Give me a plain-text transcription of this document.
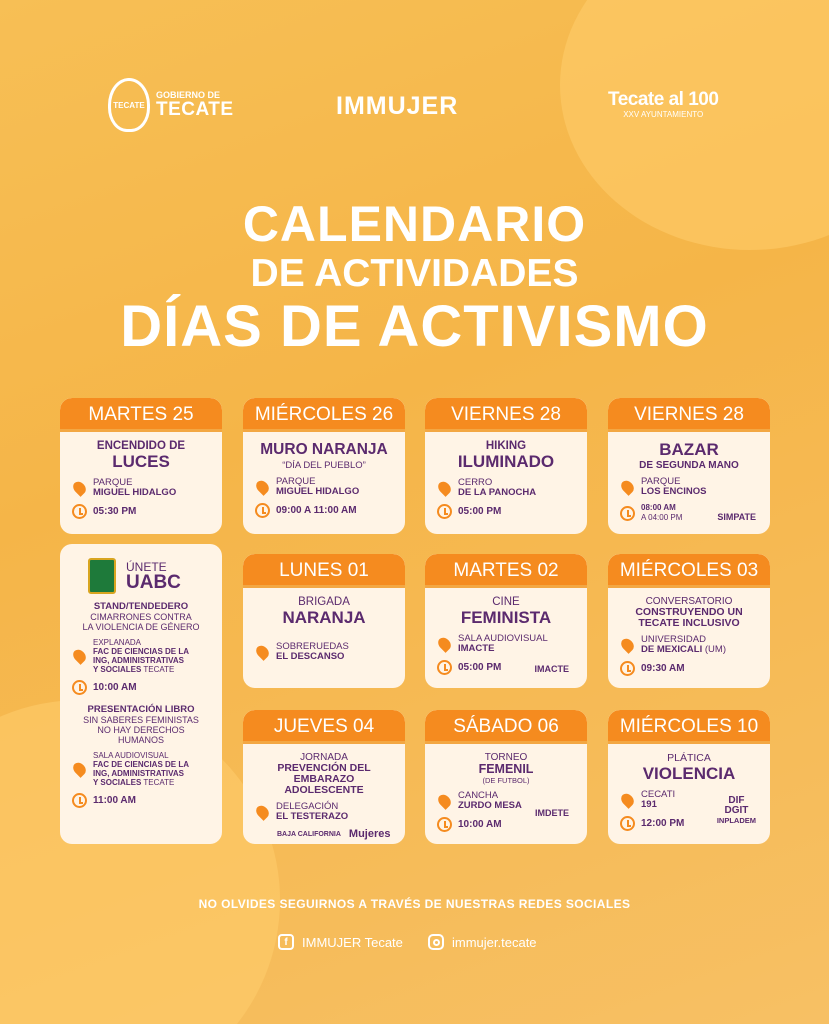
TECATE
GOBIERNO DE
TECATE	IMMUJER	Tecate al 100
XXV AYUNTAMIENTO
CALENDARIO
DE ACTIVIDADES
DÍAS DE ACTIVISMO
MARTES 25
ENCENDIDO DE
LUCES
PARQUE
MIGUEL HIDALGO
05:30 PM
MIÉRCOLES 26
MURO NARANJA
“DÍA DEL PUEBLO”
PARQUE
MIGUEL HIDALGO
09:00 A 11:00 AM
VIERNES 28
HIKING
ILUMINADO
CERRO
DE LA PANOCHA
05:00 PM
VIERNES 28
BAZAR
DE SEGUNDA MANO
PARQUE
LOS ENCINOS
08:00 AM
A 04:00 PM	SIMPATE
ÚNETE
UABC
STAND/TENDEDERO
CIMARRONES CONTRA
LA VIOLENCIA DE GÉNERO
EXPLANADA
FAC DE CIENCIAS DE LA
ING, ADMINISTRATIVAS
Y SOCIALES TECATE
10:00 AM
PRESENTACIÓN LIBRO
SIN SABERES FEMINISTAS
NO HAY DERECHOS
HUMANOS
SALA AUDIOVISUAL
FAC DE CIENCIAS DE LA
ING, ADMINISTRATIVAS
Y SOCIALES TECATE
11:00 AM
LUNES 01
BRIGADA
NARANJA
SOBRERUEDAS
EL DESCANSO
MARTES 02
CINE
FEMINISTA
SALA AUDIOVISUAL
IMACTE
05:00 PM	IMACTE
MIÉRCOLES 03
CONVERSATORIO
CONSTRUYENDO UN
TECATE INCLUSIVO
UNIVERSIDAD
DE MEXICALI (UM)
09:30 AM
JUEVES 04
JORNADA
PREVENCIÓN DEL
EMBARAZO ADOLESCENTE
DELEGACIÓN
EL TESTERAZO
BAJA CALIFORNIA Mujeres
SÁBADO 06
TORNEO
FEMENIL
(DE FUTBOL)
CANCHA
ZURDO MESA
10:00 AM
IMDETE
MIÉRCOLES 10
PLÁTICA
VIOLENCIA
CECATI
191
12:00 PM
DIF
DGIT
INPLADEM
NO OLVIDES SEGUIRNOS A TRAVÉS DE NUESTRAS REDES SOCIALES
f	IMMUJER Tecate	immujer.tecate
